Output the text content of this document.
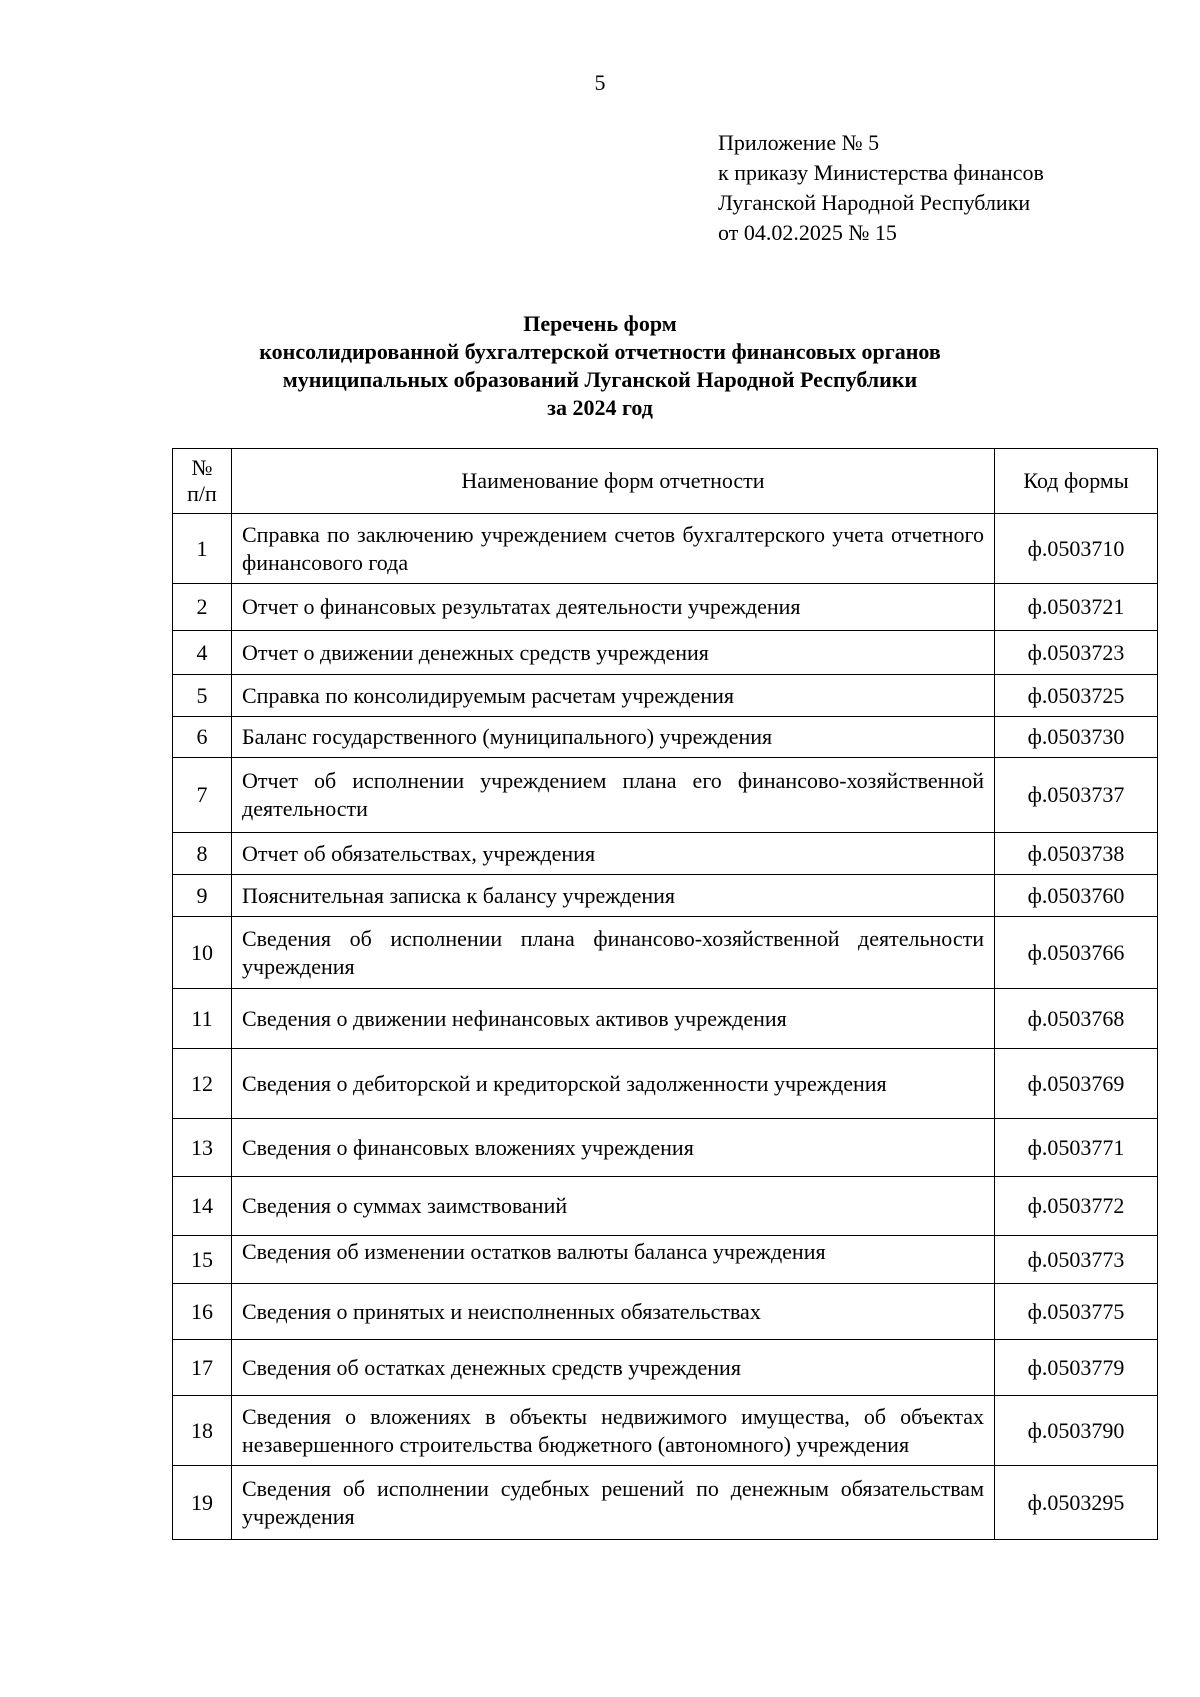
5
Приложение № 5
к приказу Министерства финансов
Луганской Народной Республики
от 04.02.2025 № 15
Перечень форм
консолидированной бухгалтерской отчетности финансовых органов
муниципальных образований Луганской Народной Республики
за 2024 год
№
п/п	Наименование форм отчетности	Код формы
1	Справка по заключению учреждением счетов бухгалтерского учета отчетного финансового года	ф.0503710
2	Отчет о финансовых результатах деятельности учреждения	ф.0503721
4	Отчет о движении денежных средств учреждения	ф.0503723
5	Справка по консолидируемым расчетам учреждения	ф.0503725
6	Баланс государственного (муниципального) учреждения	ф.0503730
7	Отчет об исполнении учреждением плана его финансово-хозяйственной деятельности	ф.0503737
8	Отчет об обязательствах, учреждения	ф.0503738
9	Пояснительная записка к балансу учреждения	ф.0503760
10	Сведения об исполнении плана финансово-хозяйственной деятельности учреждения	ф.0503766
11	Сведения о движении нефинансовых активов учреждения	ф.0503768
12	Сведения о дебиторской и кредиторской задолженности учреждения	ф.0503769
13	Сведения о финансовых вложениях учреждения	ф.0503771
14	Сведения о суммах заимствований	ф.0503772
15	Сведения об изменении остатков валюты баланса учреждения	ф.0503773
16	Сведения о принятых и неисполненных обязательствах	ф.0503775
17	Сведения об остатках денежных средств учреждения	ф.0503779
18	Сведения о вложениях в объекты недвижимого имущества, об объектах незавершенного строительства бюджетного (автономного) учреждения	ф.0503790
19	Сведения об исполнении судебных решений по денежным обязательствам учреждения	ф.0503295
